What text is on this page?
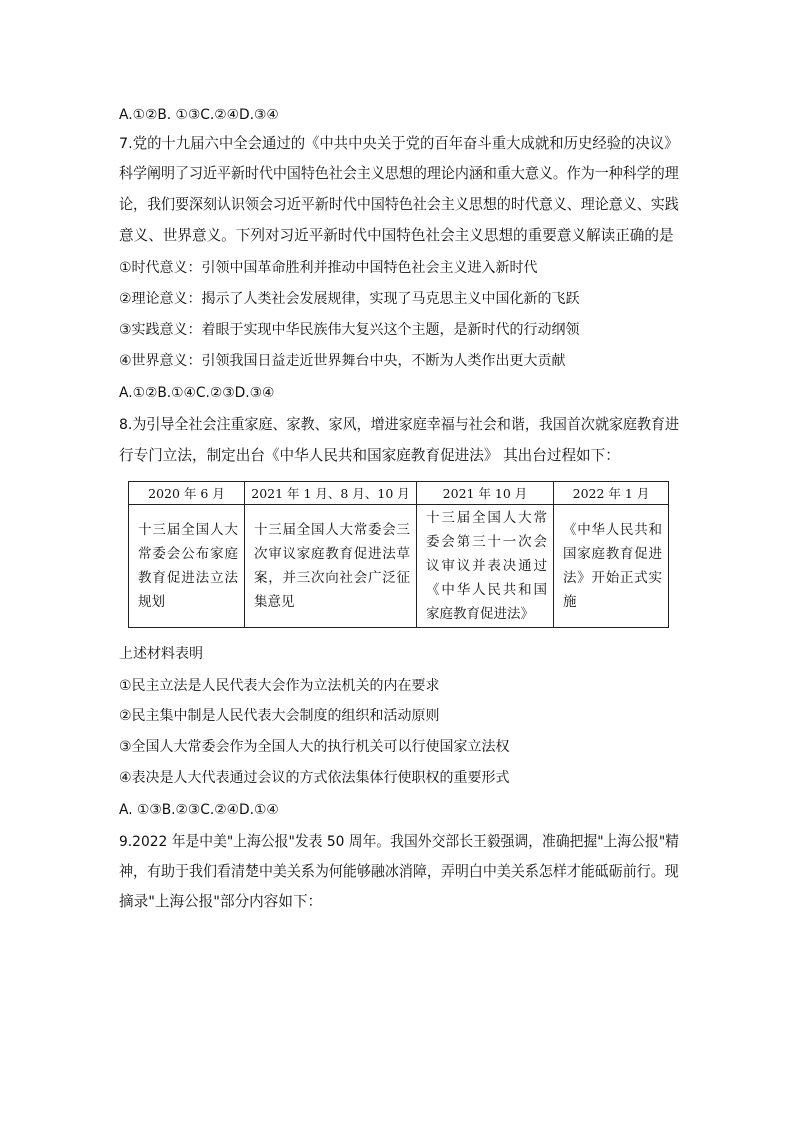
A.①②B. ①③C.②④D.③④
7.党的十九届六中全会通过的《中共中央关于党的百年奋斗重大成就和历史经验的决议》
科学阐明了习近平新时代中国特色社会主义思想的理论内涵和重大意义。作为一种科学的理
论，我们要深刻认识领会习近平新时代中国特色社会主义思想的时代意义、理论意义、实践
意义、世界意义。下列对习近平新时代中国特色社会主义思想的重要意义解读正确的是
①时代意义：引领中国革命胜利并推动中国特色社会主义进入新时代
②理论意义：揭示了人类社会发展规律，实现了马克思主义中国化新的飞跃
③实践意义：着眼于实现中华民族伟大复兴这个主题，是新时代的行动纲领
④世界意义：引领我国日益走近世界舞台中央，不断为人类作出更大贡献
A.①②B.①④C.②③D.③④
8.为引导全社会注重家庭、家教、家风，增进家庭幸福与社会和谐，我国首次就家庭教育进
行专门立法，制定出台《中华人民共和国家庭教育促进法》 其出台过程如下：
2020 年 6 月	2021 年 1 月、8 月、10 月	2021 年 10 月	2022 年 1 月

十三届全国人大常委会公布家庭教育促进法立法规划	十三届全国人大常委会三次审议家庭教育促进法草案，并三次向社会广泛征集意见	十三届全国人大常委会第三十一次会议审议并表决通过《中华人民共和国家庭教育促进法》	《中华人民共和国家庭教育促进法》开始正式实施
上述材料表明
①民主立法是人民代表大会作为立法机关的内在要求
②民主集中制是人民代表大会制度的组织和活动原则
③全国人大常委会作为全国人大的执行机关可以行使国家立法权
④表决是人大代表通过会议的方式依法集体行使职权的重要形式
A. ①③B.②③C.②④D.①④
9.2022 年是中美"上海公报"发表 50 周年。我国外交部长王毅强调，准确把握"上海公报"精
神，有助于我们看清楚中美关系为何能够融冰消障，弄明白中美关系怎样才能砥砺前行。现
摘录"上海公报"部分内容如下：
